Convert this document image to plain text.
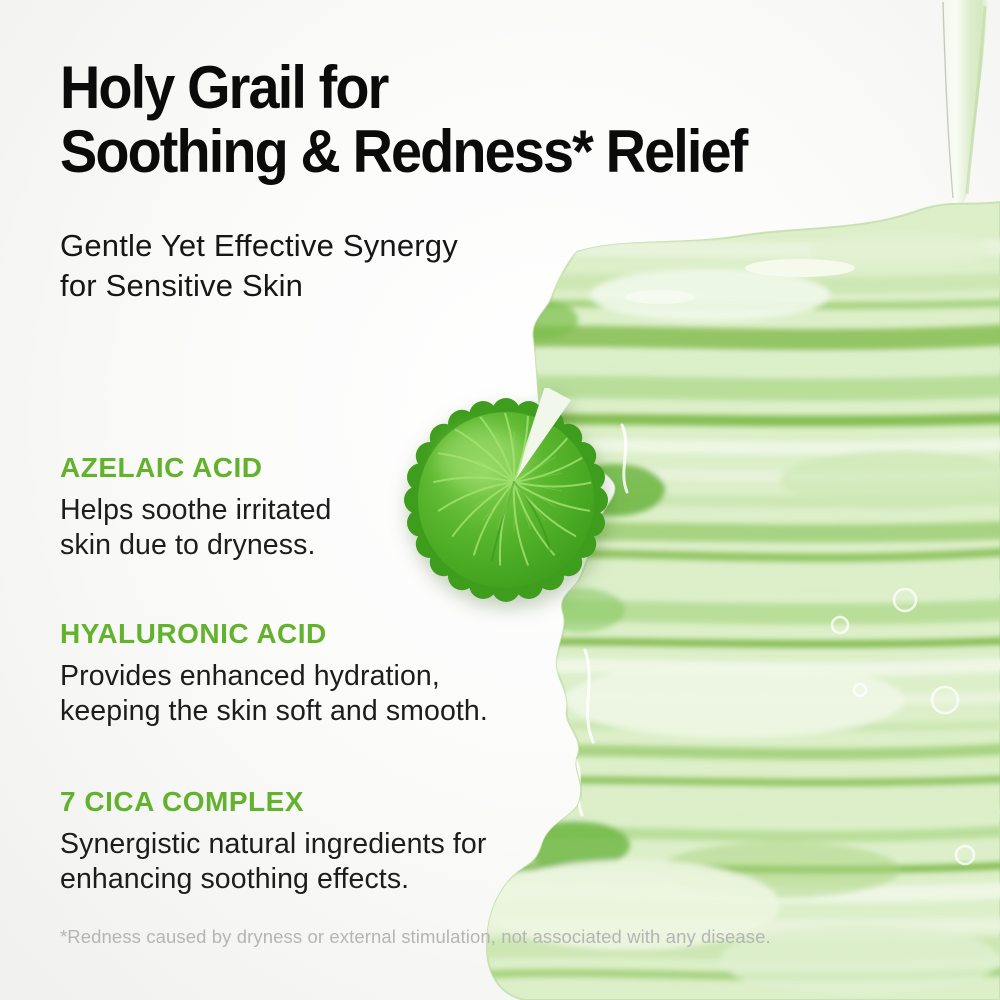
Holy Grail for
Soothing & Redness* Relief

Gentle Yet Effective Synergy
for Sensitive Skin

AZELAIC ACID

Helps soothe irritated
skin due to dryness.

HYALURONIC ACID

Provides enhanced hydration,
keeping the skin soft and smooth.

7 CICA COMPLEX

Synergistic natural ingredients for
enhancing soothing effects.

*Redness caused by dryness or external stimulation, not associated with any disease.
